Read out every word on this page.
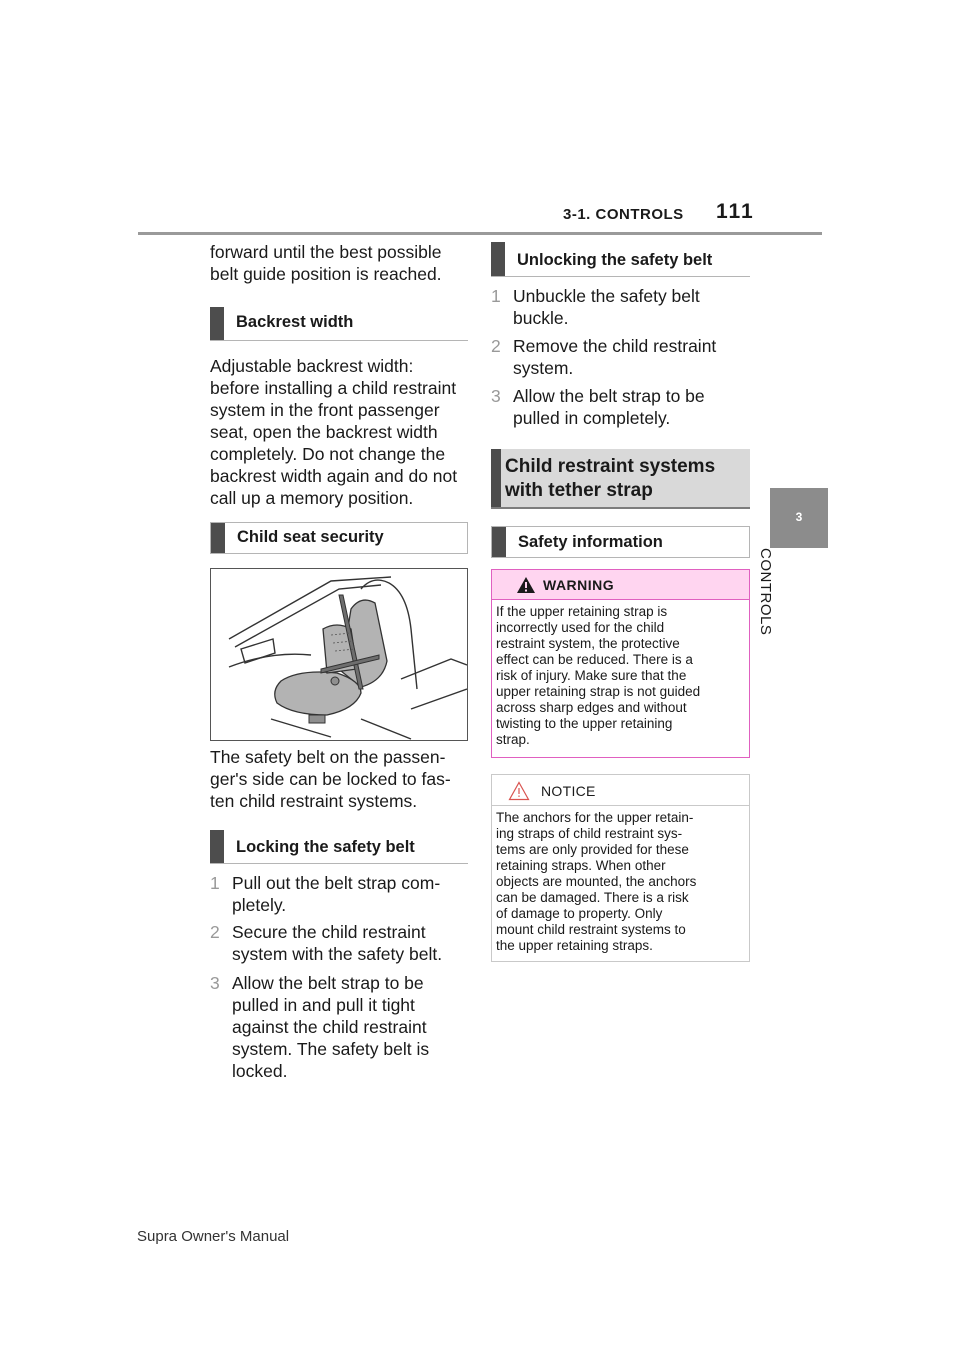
3-1. CONTROLS 111
3
CONTROLS
forward until the best possible
belt guide position is reached.
Backrest width
Adjustable backrest width:
before installing a child restraint
system in the front passenger
seat, open the backrest width
completely. Do not change the
backrest width again and do not
call up a memory position.
Child seat security
The safety belt on the passen-
ger's side can be locked to fas-
ten child restraint systems.
Locking the safety belt
1 Pull out the belt strap com-
pletely.
2 Secure the child restraint
system with the safety belt.
3 Allow the belt strap to be
pulled in and pull it tight
against the child restraint
system. The safety belt is
locked.
Unlocking the safety belt
1 Unbuckle the safety belt
buckle.
2 Remove the child restraint
system.
3 Allow the belt strap to be
pulled in completely.
Child restraint systems
with tether strap
Safety information
WARNING
If the upper retaining strap is
incorrectly used for the child
restraint system, the protective
effect can be reduced. There is a
risk of injury. Make sure that the
upper retaining strap is not guided
across sharp edges and without
twisting to the upper retaining
strap.
NOTICE
The anchors for the upper retain-
ing straps of child restraint sys-
tems are only provided for these
retaining straps. When other
objects are mounted, the anchors
can be damaged. There is a risk
of damage to property. Only
mount child restraint systems to
the upper retaining straps.
Supra Owner's Manual
